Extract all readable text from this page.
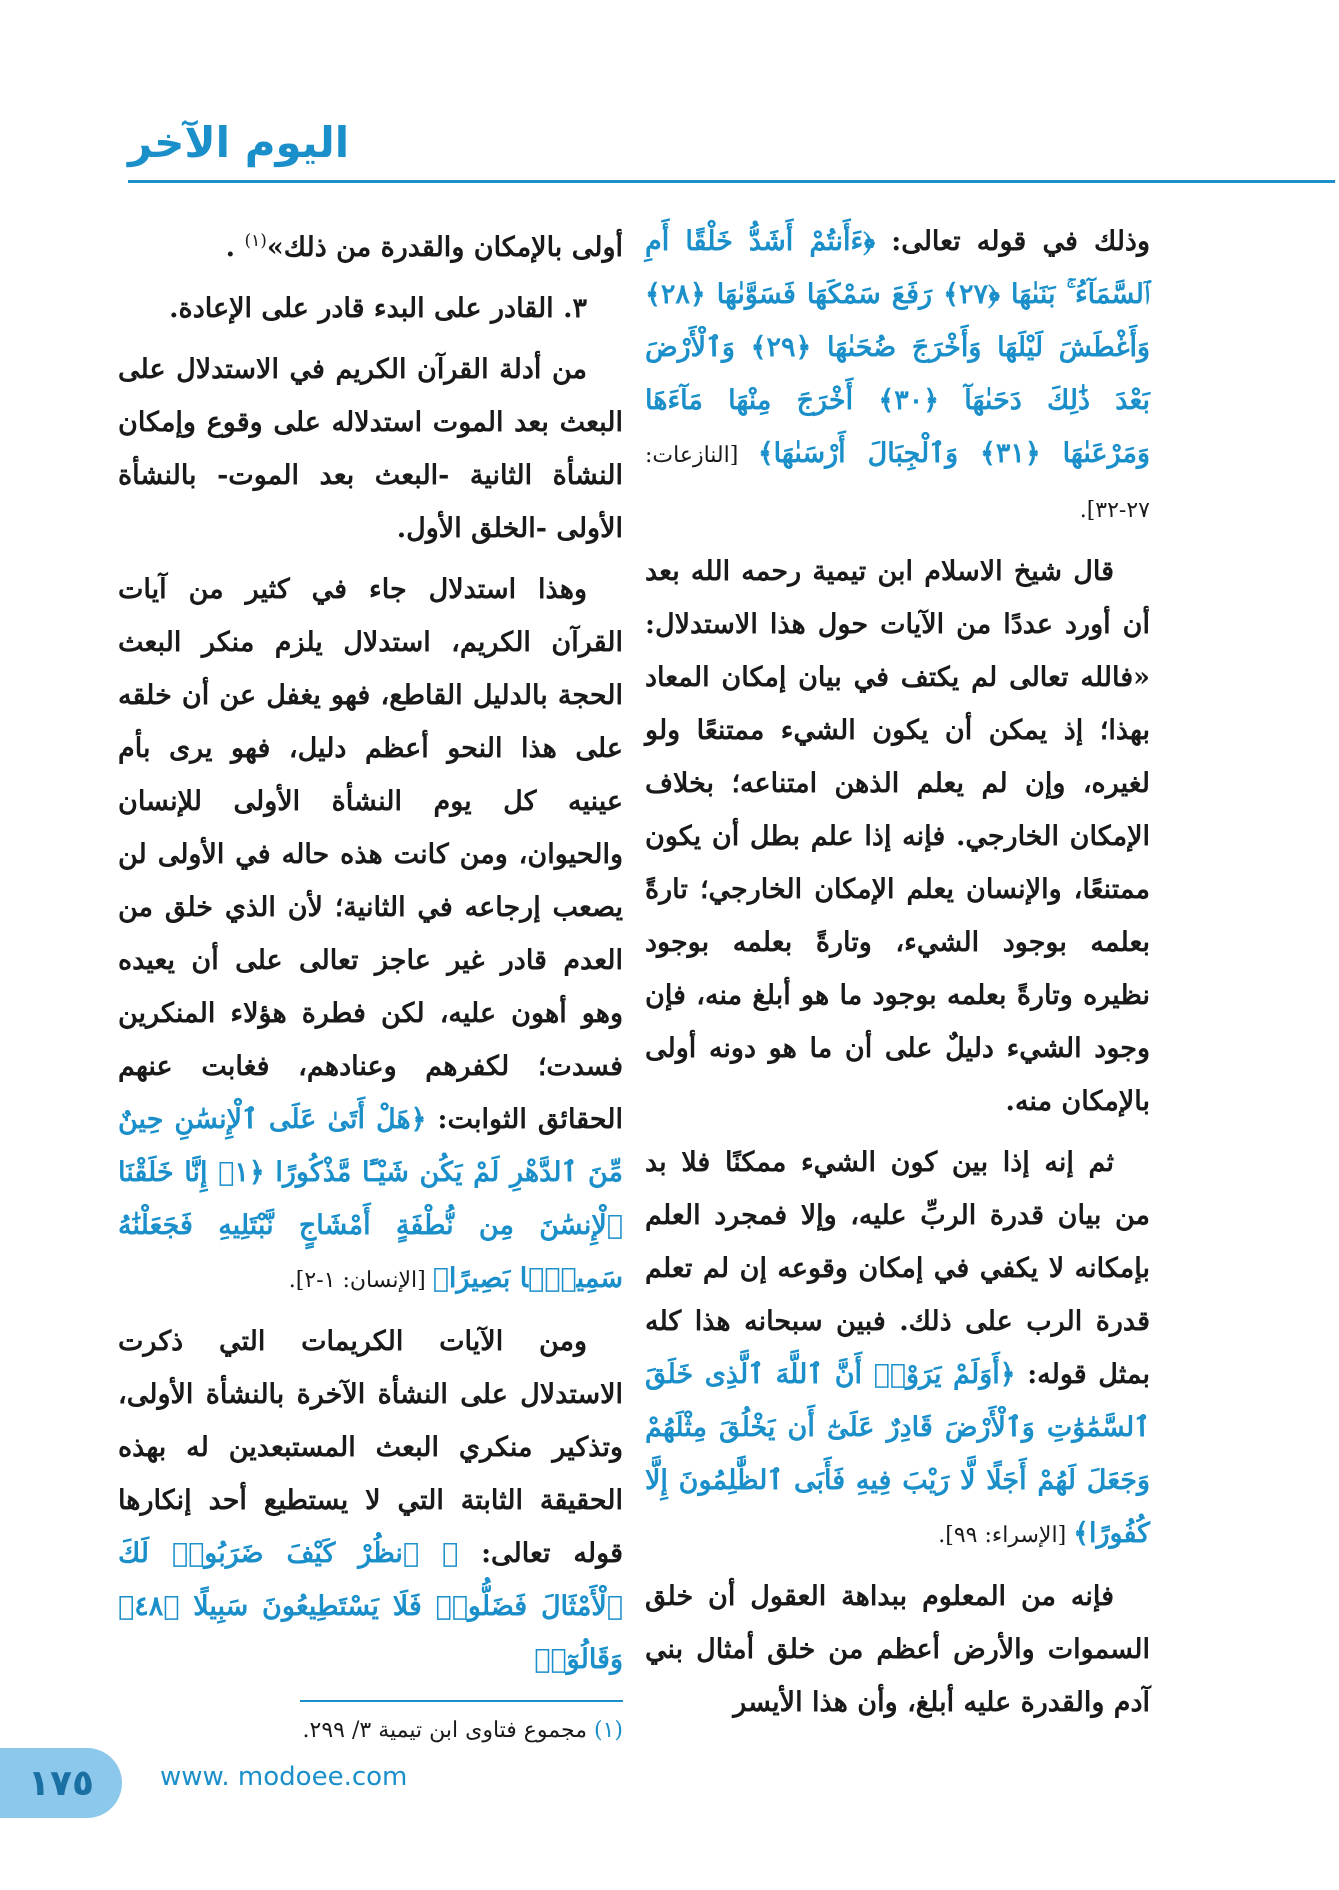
اليوم الآخر

وذلك في قوله تعالى: ﴿ءَأَنتُمْ أَشَدُّ خَلْقًا أَمِ ٱلسَّمَآءُ ۚ بَنَىٰهَا ﴿٢٧﴾ رَفَعَ سَمْكَهَا فَسَوَّىٰهَا ﴿٢٨﴾ وَأَغْطَشَ لَيْلَهَا وَأَخْرَجَ ضُحَىٰهَا ﴿٢٩﴾ وَٱلْأَرْضَ بَعْدَ ذَٰلِكَ دَحَىٰهَآ ﴿٣٠﴾ أَخْرَجَ مِنْهَا مَآءَهَا وَمَرْعَىٰهَا ﴿٣١﴾ وَٱلْجِبَالَ أَرْسَىٰهَا﴾ [النازعات: ٢٧-٣٢].

قال شيخ الاسلام ابن تيمية رحمه الله بعد أن أورد عددًا من الآيات حول هذا الاستدلال: «فالله تعالى لم يكتف في بيان إمكان المعاد بهذا؛ إذ يمكن أن يكون الشيء ممتنعًا ولو لغيره، وإن لم يعلم الذهن امتناعه؛ بخلاف الإمكان الخارجي. فإنه إذا علم بطل أن يكون ممتنعًا، والإنسان يعلم الإمكان الخارجي؛ تارةً بعلمه بوجود الشيء، وتارةً بعلمه بوجود نظيره وتارةً بعلمه بوجود ما هو أبلغ منه، فإن وجود الشيء دليلٌ على أن ما هو دونه أولى بالإمكان منه.

ثم إنه إذا بين كون الشيء ممكنًا فلا بد من بيان قدرة الربِّ عليه، وإلا فمجرد العلم بإمكانه لا يكفي في إمكان وقوعه إن لم تعلم قدرة الرب على ذلك. فبين سبحانه هذا كله بمثل قوله: ﴿أَوَلَمْ يَرَوْا۟ أَنَّ ٱللَّهَ ٱلَّذِى خَلَقَ ٱلسَّمَٰوَٰتِ وَٱلْأَرْضَ قَادِرٌ عَلَىٰٓ أَن يَخْلُقَ مِثْلَهُمْ وَجَعَلَ لَهُمْ أَجَلًا لَّا رَيْبَ فِيهِ فَأَبَى ٱلظَّٰلِمُونَ إِلَّا كُفُورًا﴾ [الإسراء: ٩٩].

فإنه من المعلوم ببداهة العقول أن خلق السموات والأرض أعظم من خلق أمثال بني آدم والقدرة عليه أبلغ، وأن هذا الأيسر

أولى بالإمكان والقدرة من ذلك»$^{(١)}$ .

٣. القادر على البدء قادر على الإعادة.

من أدلة القرآن الكريم في الاستدلال على البعث بعد الموت استدلاله على وقوع وإمكان النشأة الثانية -البعث بعد الموت- بالنشأة الأولى -الخلق الأول.

وهذا استدلال جاء في كثير من آيات القرآن الكريم، استدلال يلزم منكر البعث الحجة بالدليل القاطع، فهو يغفل عن أن خلقه على هذا النحو أعظم دليل، فهو يرى بأم عينيه كل يوم النشأة الأولى للإنسان والحيوان، ومن كانت هذه حاله في الأولى لن يصعب إرجاعه في الثانية؛ لأن الذي خلق من العدم قادر غير عاجز تعالى على أن يعيده وهو أهون عليه، لكن فطرة هؤلاء المنكرين فسدت؛ لكفرهم وعنادهم، فغابت عنهم الحقائق الثوابت: ﴿هَلْ أَتَىٰ عَلَى ٱلْإِنسَٰنِ حِينٌ مِّنَ ٱلدَّهْرِ لَمْ يَكُن شَيْـًٔا مَّذْكُورًا ﴿١﴾ إِنَّا خَلَقْنَا ٱلْإِنسَٰنَ مِن نُّطْفَةٍ أَمْشَاجٍ نَّبْتَلِيهِ فَجَعَلْنَٰهُ سَمِيعًۢا بَصِيرًا﴾ [الإنسان: ١-٢].

ومن الآيات الكريمات التي ذكرت الاستدلال على النشأة الآخرة بالنشأة الأولى، وتذكير منكري البعث المستبعدين له بهذه الحقيقة الثابتة التي لا يستطيع أحد إنكارها قوله تعالى: ﴿ ٱنظُرْ كَيْفَ ضَرَبُوا۟ لَكَ ٱلْأَمْثَالَ فَضَلُّوا۟ فَلَا يَسْتَطِيعُونَ سَبِيلًا ﴿٤٨﴾ وَقَالُوٓا۟

(١) مجموع فتاوى ابن تيمية ٣/ ٢٩٩.
١٧٥	www. modoee.com
